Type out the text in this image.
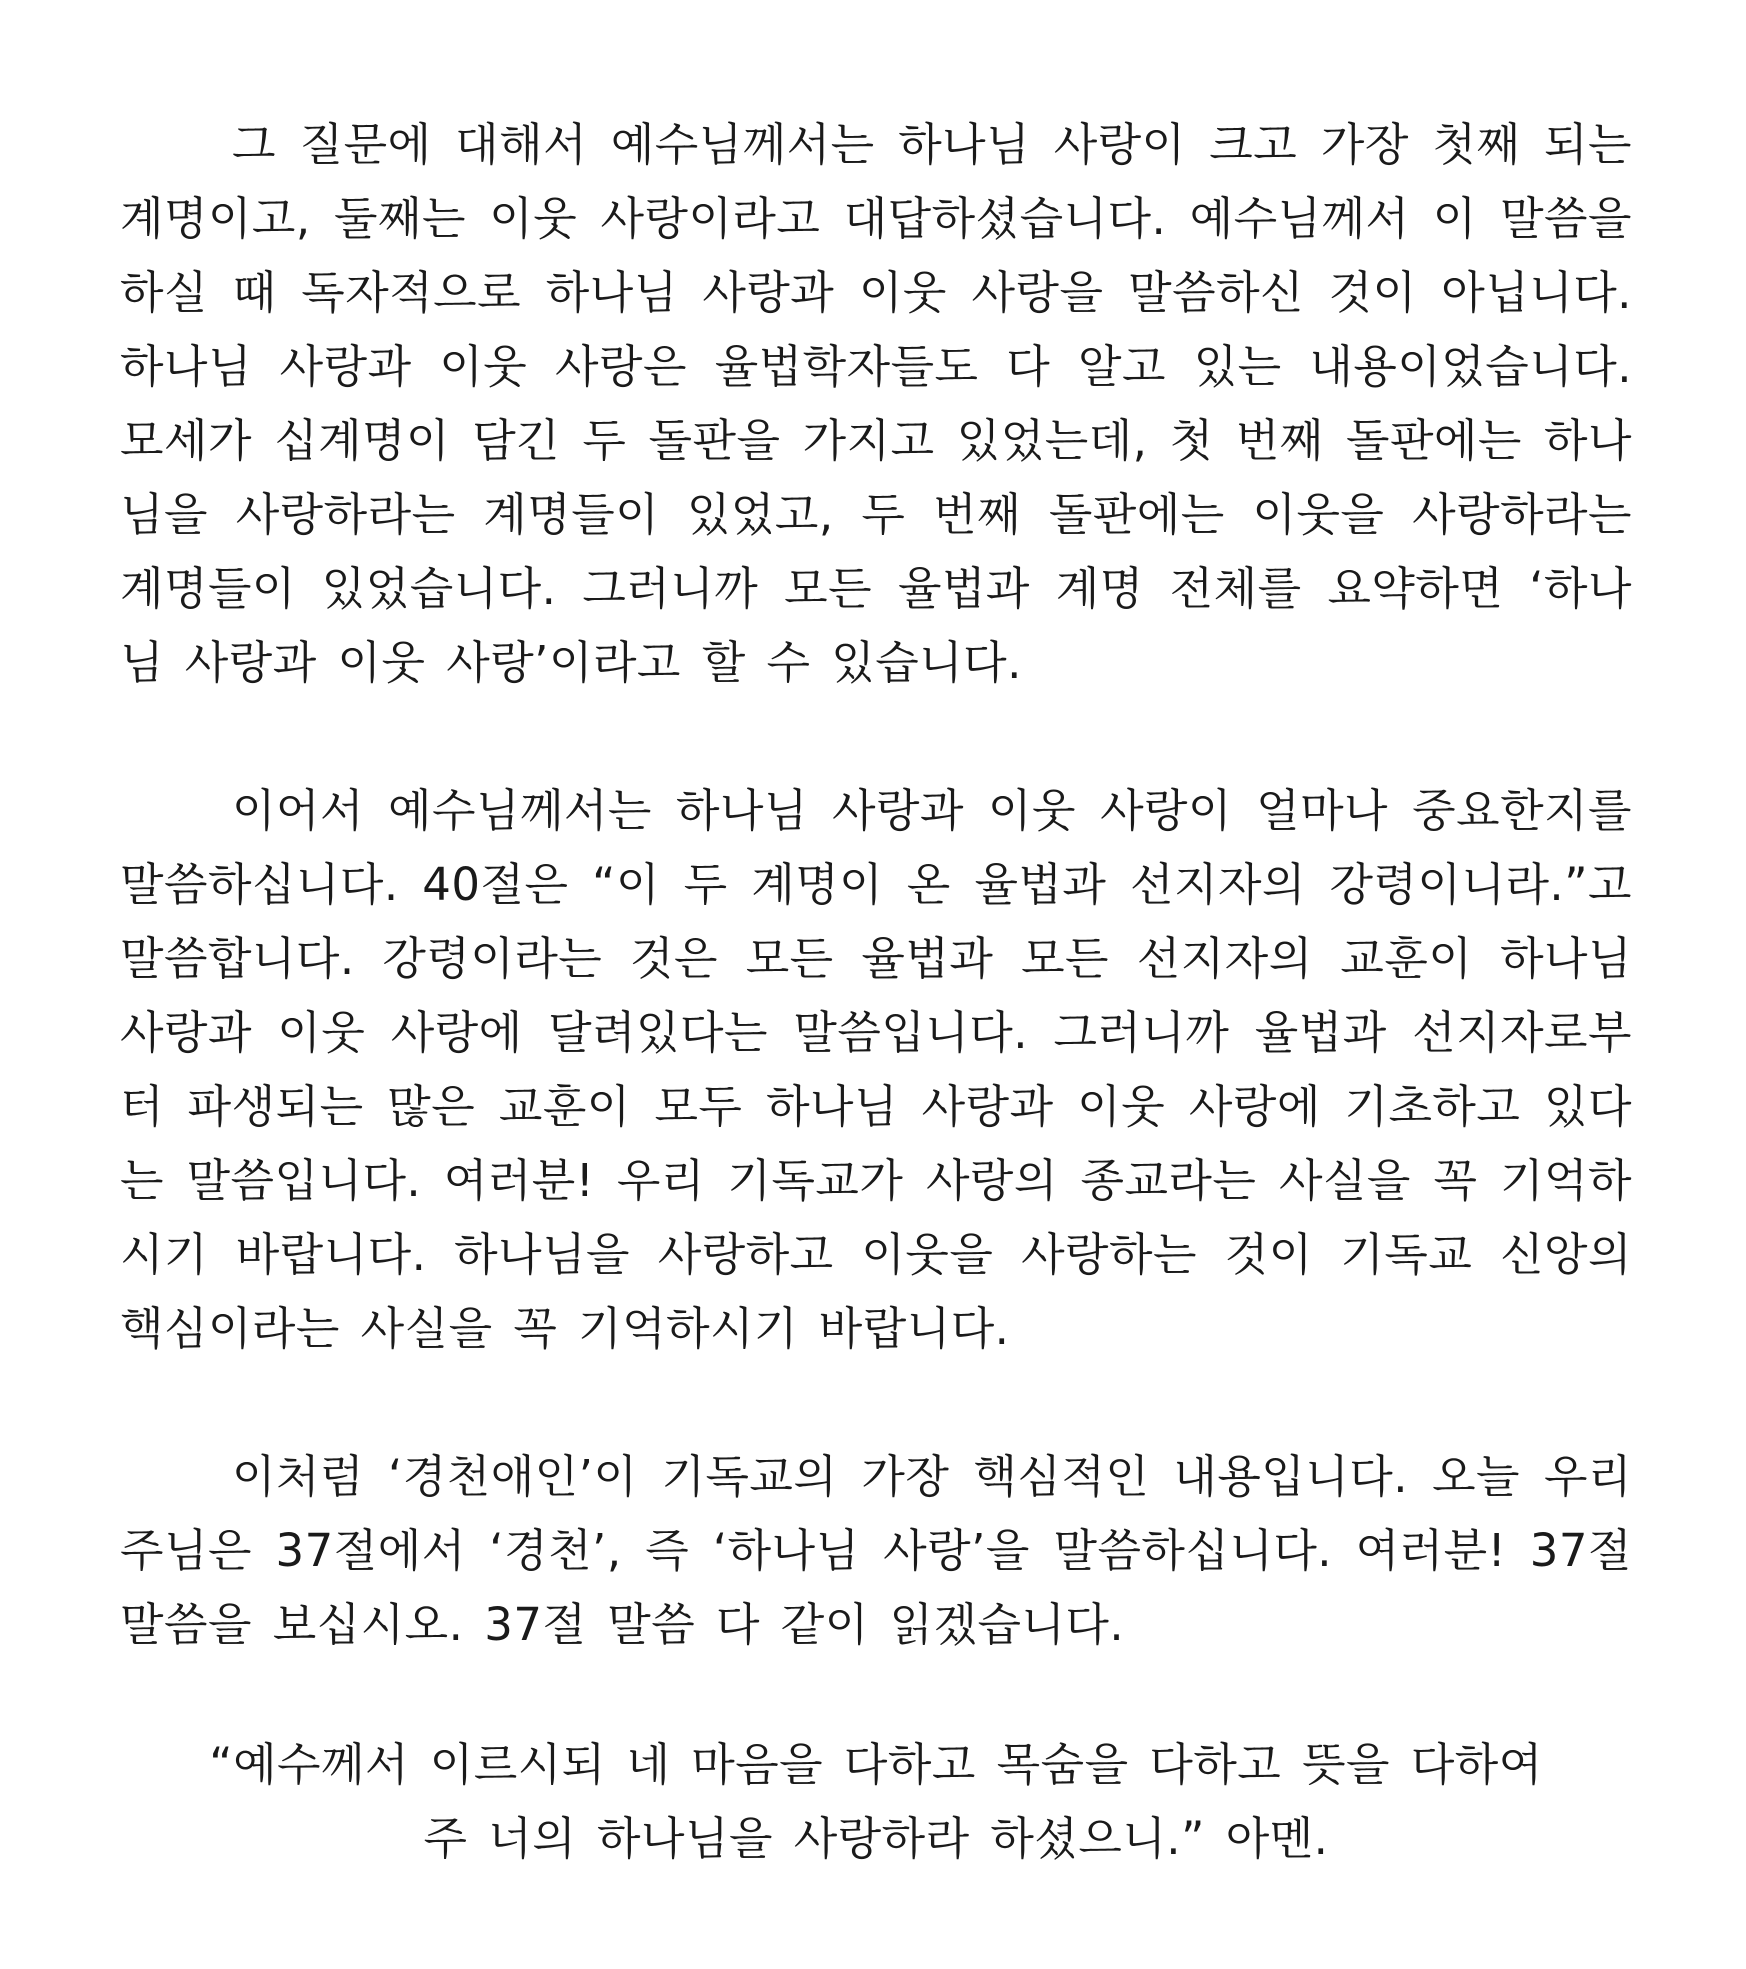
그 질문에 대해서 예수님께서는 하나님 사랑이 크고 가장 첫째 되는 계명이고, 둘째는 이웃 사랑이라고 대답하셨습니다. 예수님께서 이 말씀을 하실 때 독자적으로 하나님 사랑과 이웃 사랑을 말씀하신 것이 아닙니다. 하나님 사랑과 이웃 사랑은 율법학자들도 다 알고 있는 내용이었습니다. 모세가 십계명이 담긴 두 돌판을 가지고 있었는데, 첫 번째 돌판에는 하나님을 사랑하라는 계명들이 있었고, 두 번째 돌판에는 이웃을 사랑하라는 계명들이 있었습니다. 그러니까 모든 율법과 계명 전체를 요약하면 ‘하나님 사랑과 이웃 사랑’이라고 할 수 있습니다.

이어서 예수님께서는 하나님 사랑과 이웃 사랑이 얼마나 중요한지를 말씀하십니다. 40절은 “이 두 계명이 온 율법과 선지자의 강령이니라.”고 말씀합니다. 강령이라는 것은 모든 율법과 모든 선지자의 교훈이 하나님 사랑과 이웃 사랑에 달려있다는 말씀입니다. 그러니까 율법과 선지자로부터 파생되는 많은 교훈이 모두 하나님 사랑과 이웃 사랑에 기초하고 있다는 말씀입니다. 여러분! 우리 기독교가 사랑의 종교라는 사실을 꼭 기억하시기 바랍니다. 하나님을 사랑하고 이웃을 사랑하는 것이 기독교 신앙의 핵심이라는 사실을 꼭 기억하시기 바랍니다.

이처럼 ‘경천애인’이 기독교의 가장 핵심적인 내용입니다. 오늘 우리 주님은 37절에서 ‘경천’, 즉 ‘하나님 사랑’을 말씀하십니다. 여러분! 37절 말씀을 보십시오. 37절 말씀 다 같이 읽겠습니다.

“예수께서 이르시되 네 마음을 다하고 목숨을 다하고 뜻을 다하여
주 너의 하나님을 사랑하라 하셨으니.” 아멘.
